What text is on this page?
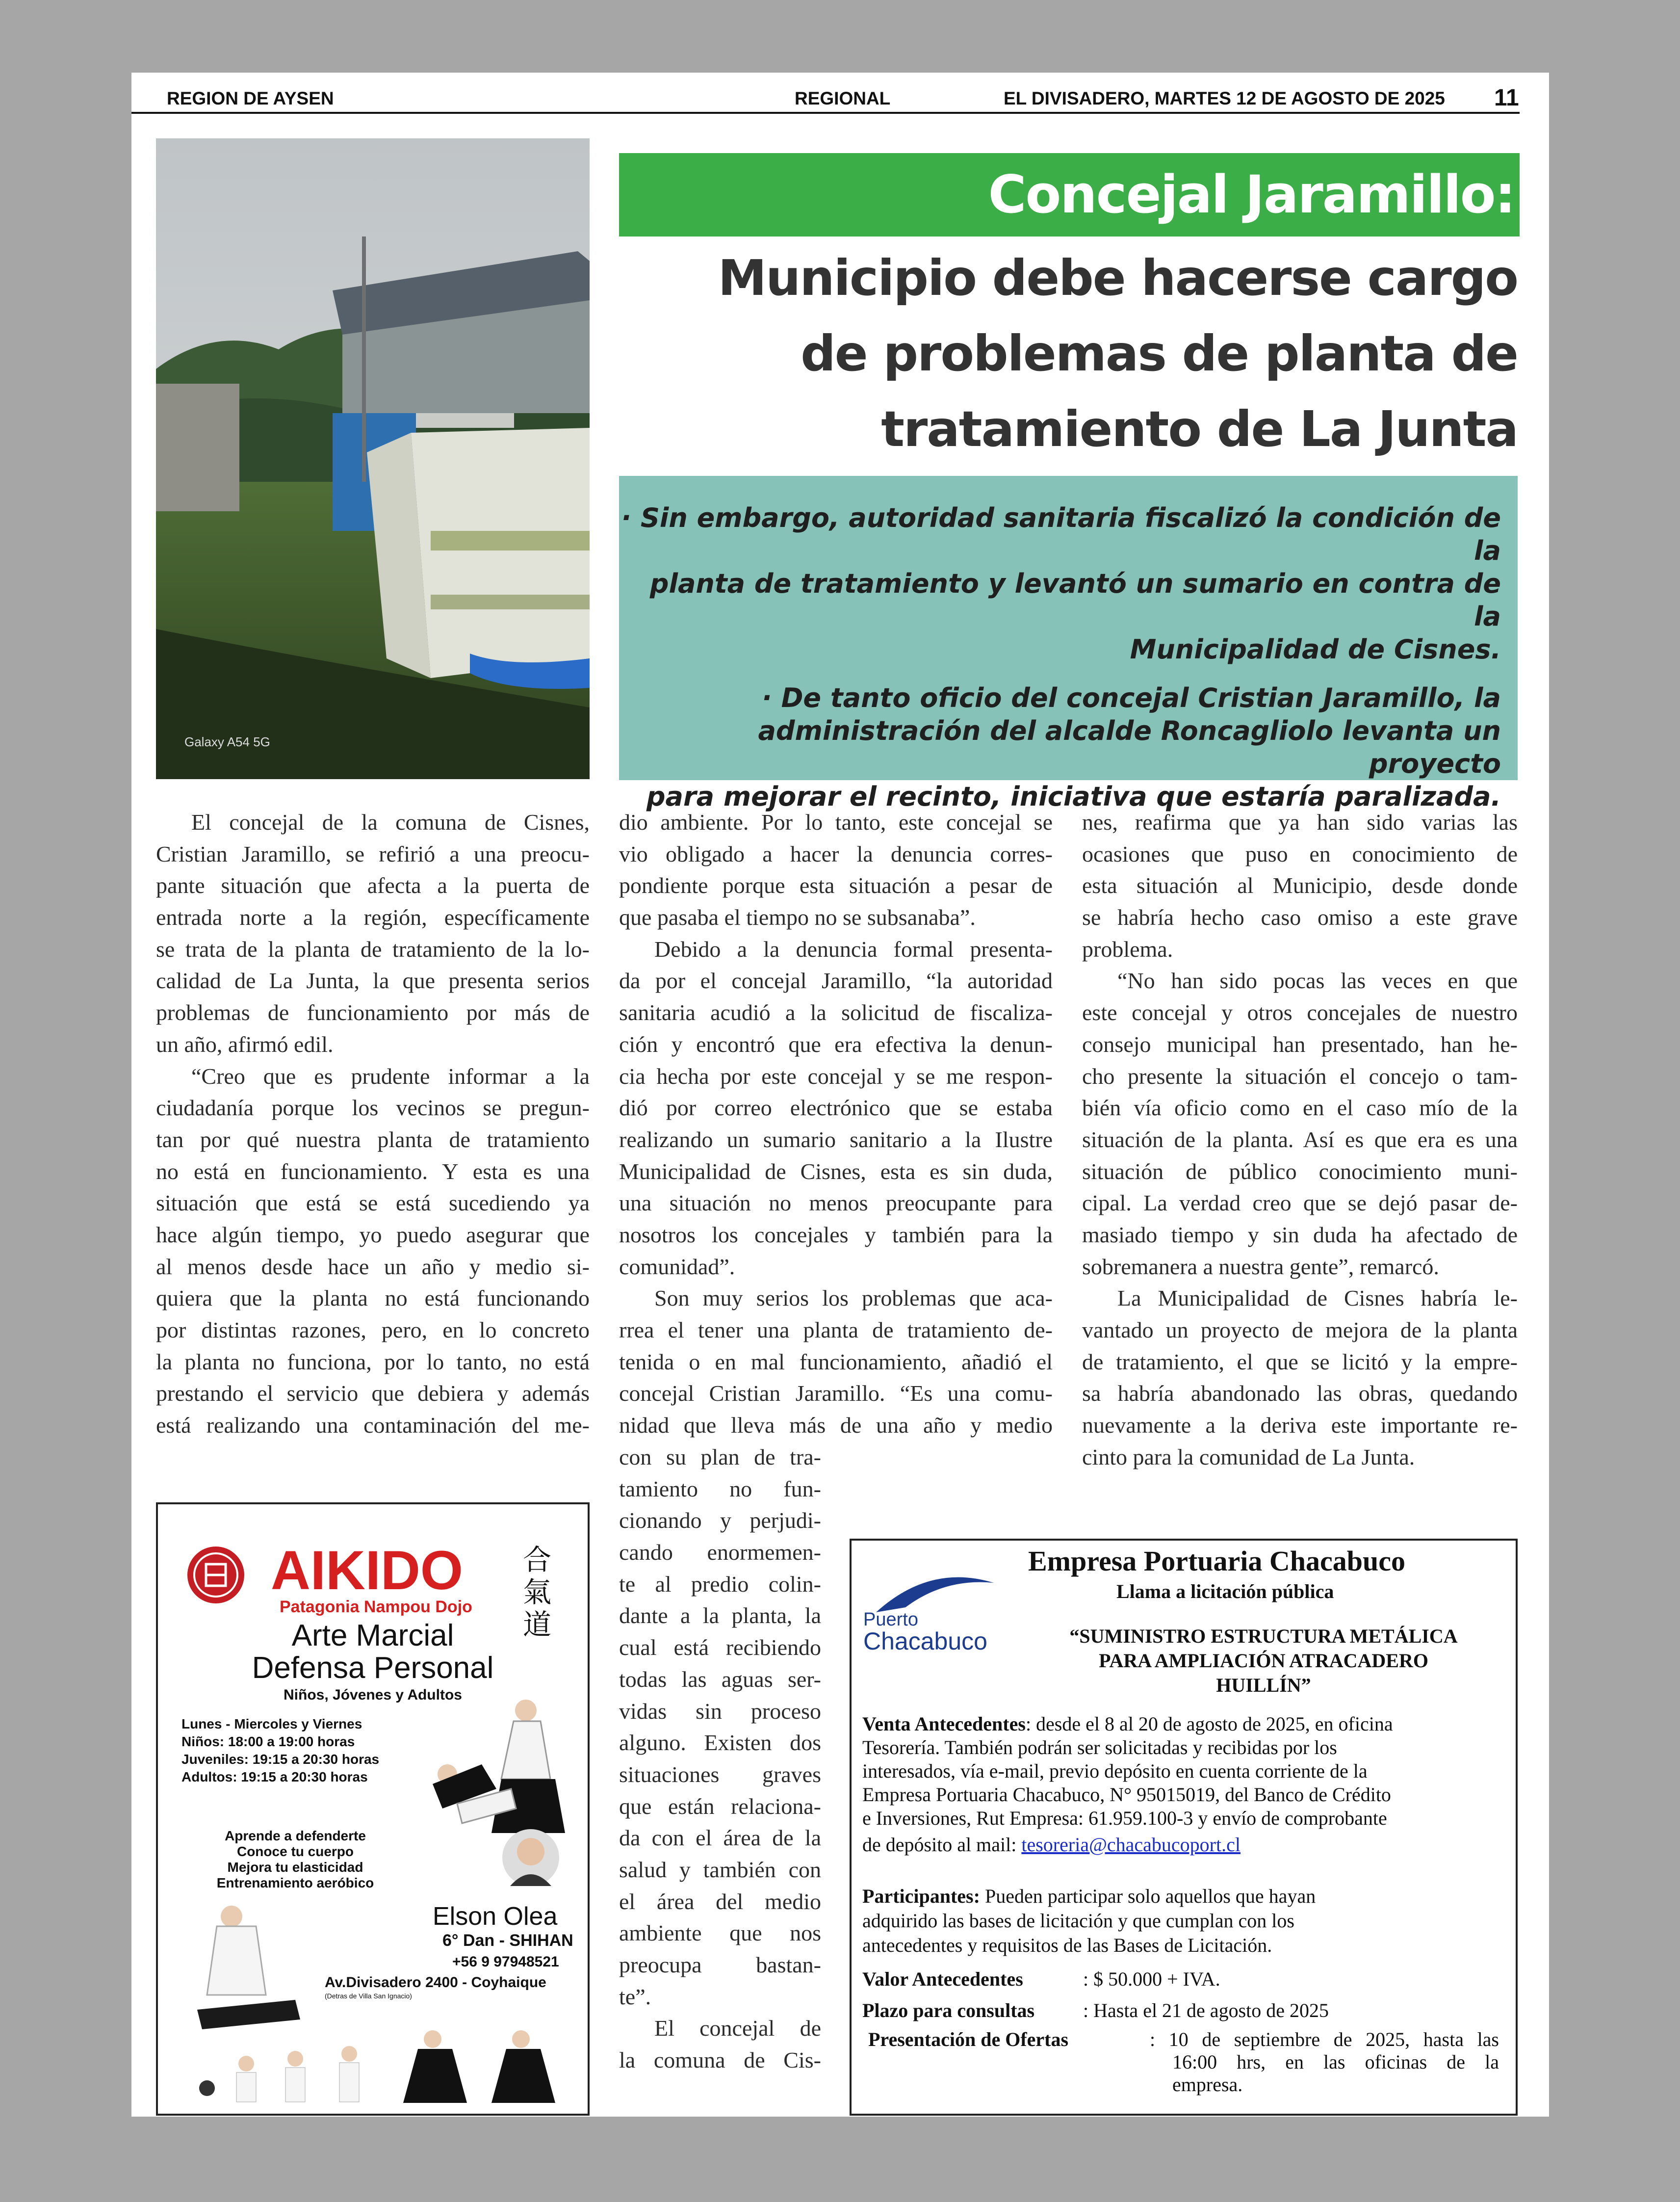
REGION DE AYSEN	REGIONAL	EL DIVISADERO, MARTES 12 DE AGOSTO DE 2025 11
Galaxy A54 5G
Concejal Jaramillo:
Municipio debe hacerse cargo
de problemas de planta de
tratamiento de La Junta

· Sin embargo, autoridad sanitaria fiscalizó la condición de la
planta de tratamiento y levantó un sumario en contra de la
Municipalidad de Cisnes.

· De tanto oficio del concejal Cristian Jaramillo, la
administración del alcalde Roncagliolo levanta un proyecto
para mejorar el recinto, iniciativa que estaría paralizada.

El concejal de la comuna de Cisnes,
Cristian Jaramillo, se refirió a una preocu-
pante situación que afecta a la puerta de
entrada norte a la región, específicamente
se trata de la planta de tratamiento de la lo-
calidad de La Junta, la que presenta serios
problemas de funcionamiento por más de
un año, afirmó edil.
“Creo que es prudente informar a la
ciudadanía porque los vecinos se pregun-
tan por qué nuestra planta de tratamiento
no está en funcionamiento. Y esta es una
situación que está se está sucediendo ya
hace algún tiempo, yo puedo asegurar que
al menos desde hace un año y medio si-
quiera que la planta no está funcionando
por distintas razones, pero, en lo concreto
la planta no funciona, por lo tanto, no está
prestando el servicio que debiera y además
está realizando una contaminación del me-
dio ambiente. Por lo tanto, este concejal se
vio obligado a hacer la denuncia corres-
pondiente porque esta situación a pesar de
que pasaba el tiempo no se subsanaba”.
Debido a la denuncia formal presenta-
da por el concejal Jaramillo, “la autoridad
sanitaria acudió a la solicitud de fiscaliza-
ción y encontró que era efectiva la denun-
cia hecha por este concejal y se me respon-
dió por correo electrónico que se estaba
realizando un sumario sanitario a la Ilustre
Municipalidad de Cisnes, esta es sin duda,
una situación no menos preocupante para
nosotros los concejales y también para la
comunidad”.
Son muy serios los problemas que aca-
rrea el tener una planta de tratamiento de-
tenida o en mal funcionamiento, añadió el
concejal Cristian Jaramillo. “Es una comu-
nidad que lleva más de una año y medio
con su plan de tra-
tamiento no fun-
cionando y perjudi-
cando enormemen-
te al predio colin-
dante a la planta, la
cual está recibiendo
todas las aguas ser-
vidas sin proceso
alguno. Existen dos
situaciones graves
que están relaciona-
da con el área de la
salud y también con
el área del medio
ambiente que nos
preocupa bastan-
te”.
El concejal de
la comuna de Cis-
nes, reafirma que ya han sido varias las
ocasiones que puso en conocimiento de
esta situación al Municipio, desde donde
se habría hecho caso omiso a este grave
problema.
“No han sido pocas las veces en que
este concejal y otros concejales de nuestro
consejo municipal han presentado, han he-
cho presente la situación el concejo o tam-
bién vía oficio como en el caso mío de la
situación de la planta. Así es que era es una
situación de público conocimiento muni-
cipal. La verdad creo que se dejó pasar de-
masiado tiempo y sin duda ha afectado de
sobremanera a nuestra gente”, remarcó.
La Municipalidad de Cisnes habría le-
vantado un proyecto de mejora de la planta
de tratamiento, el que se licitó y la empre-
sa habría abandonado las obras, quedando
nuevamente a la deriva este importante re-
cinto para la comunidad de La Junta.
AIKIDO
Patagonia Nampou Dojo
合
氣
道
Arte Marcial
Defensa Personal
Niños, Jóvenes y Adultos
Lunes - Miercoles y Viernes
Niños: 18:00 a 19:00 horas
Juveniles: 19:15 a 20:30 horas
Adultos: 19:15 a 20:30 horas
Aprende a defenderte
Conoce tu cuerpo
Mejora tu elasticidad
Entrenamiento aeróbico
Elson Olea
6° Dan - SHIHAN
+56 9 97948521
Av.Divisadero 2400 - Coyhaique
(Detras de Villa San Ignacio)
Puerto
Chacabuco
Empresa Portuaria Chacabuco
Llama a licitación pública
“SUMINISTRO ESTRUCTURA METÁLICA
PARA AMPLIACIÓN ATRACADERO
HUILLÍN”
Venta Antecedentes: desde el 8 al 20 de agosto de 2025, en oficina
Tesorería. También podrán ser solicitadas y recibidas por los
interesados, vía e-mail, previo depósito en cuenta corriente de la
Empresa Portuaria Chacabuco, N° 95015019, del Banco de Crédito
e Inversiones, Rut Empresa: 61.959.100-3 y envío de comprobante
de depósito al mail: tesoreria@chacabucoport.cl
Participantes: Pueden participar solo aquellos que hayan
adquirido las bases de licitación y que cumplan con los
antecedentes y requisitos de las Bases de Licitación.
Valor Antecedentes	: $ 50.000 + IVA.
Plazo para consultas : Hasta el 21 de agosto de 2025
Presentación de Ofertas	: 10 de septiembre de 2025, hasta las
16:00 hrs, en las oficinas de la
empresa.
